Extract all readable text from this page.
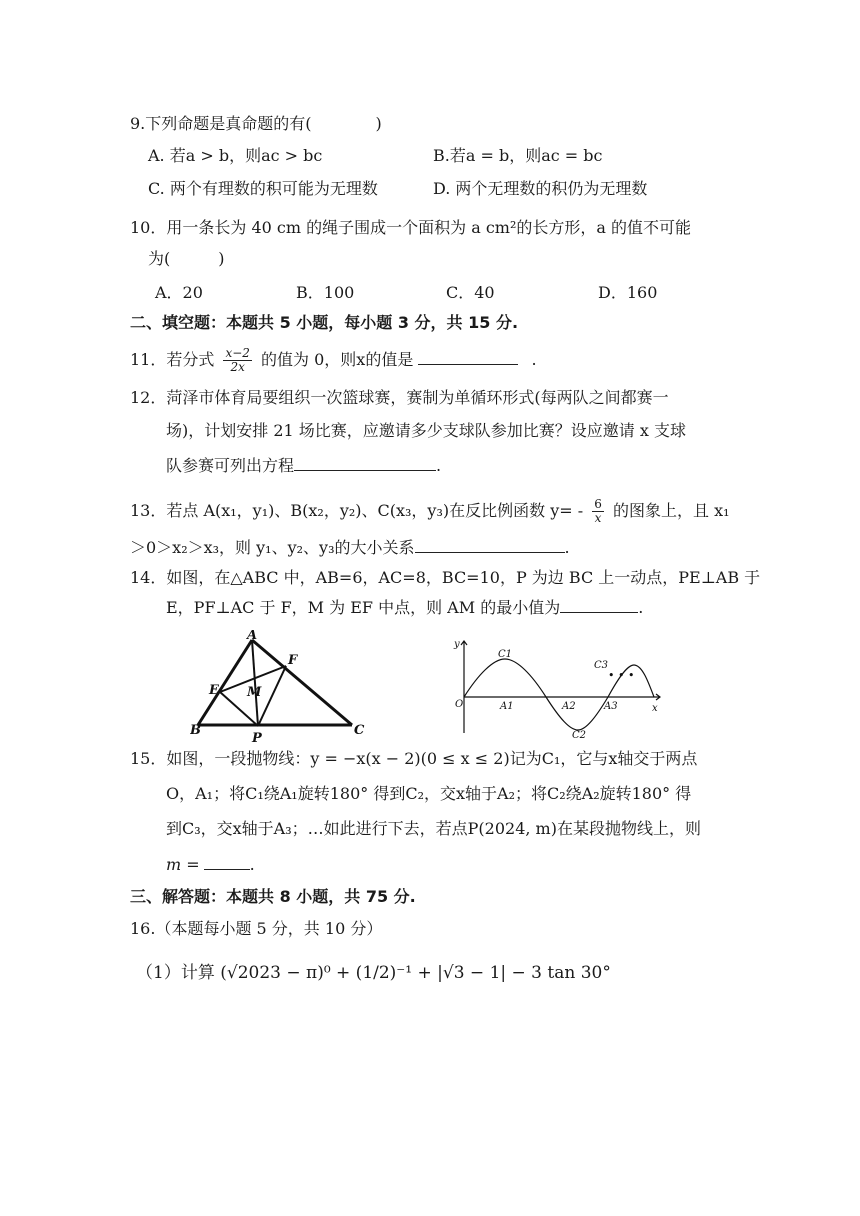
9.下列命题是真命题的有(　　　　)
A. 若a > b，则ac > bc	B.若a = b，则ac = bc
C. 两个有理数的积可能为无理数	D. 两个无理数的积仍为无理数
10．用一条长为 40 cm 的绳子围成一个面积为 a cm²的长方形，a 的值不可能
为(　　　)
A．20	B．100	C．40	D．160
二、填空题：本题共 5 小题，每小题 3 分，共 15 分.
11．若分式 $\frac{x-2}{2x}$ 的值为 0，则x的值是	.
12．菏泽市体育局要组织一次篮球赛，赛制为单循环形式(每两队之间都赛一
场)，计划安排 21 场比赛，应邀请多少支球队参加比赛？设应邀请 x 支球
队参赛可列出方程	.
13．若点 A(x₁，y₁)、B(x₂，y₂)、C(x₃，y₃)在反比例函数 $y= - \frac{6}{x}$ 的图象上，且 x₁
＞0＞x₂＞x₃，则 y₁、y₂、y₃的大小关系	.
14．如图，在△ABC 中，AB=6，AC=8，BC=10，P 为边 BC 上一动点，PE⊥AB 于
E，PF⊥AC 于 F，M 为 EF 中点，则 AM 的最小值为	.
A
B	C
E
F
M
P
y
x
O	A1	A2	A3
C1
C2
C3
• • •
15．如图，一段抛物线：y = −x(x − 2)(0 ≤ x ≤ 2)记为C₁，它与x轴交于两点
O，A₁；将C₁绕A₁旋转180° 得到C₂，交x轴于A₂；将C₂绕A₂旋转180° 得
到C₃，交x轴于A₃；…如此进行下去，若点P(2024, m)在某段抛物线上，则
m =	.
三、解答题：本题共 8 小题，共 75 分.
16.（本题每小题 5 分，共 10 分）
（1）计算 (√2023 − π)⁰ + (1/2)⁻¹ + |√3 − 1| − 3 tan 30°
